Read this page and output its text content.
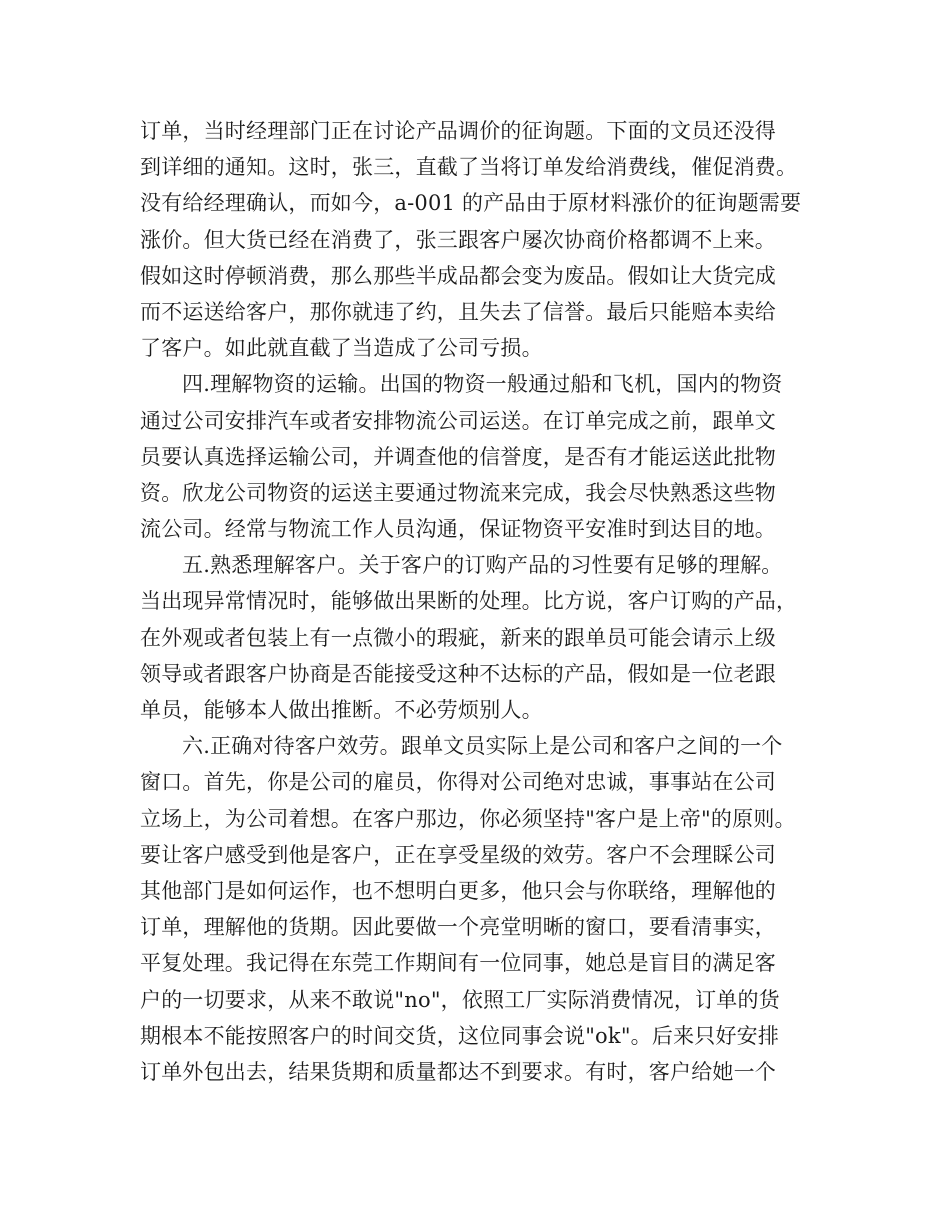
订单，当时经理部门正在讨论产品调价的征询题。下面的文员还没得
到详细的通知。这时，张三，直截了当将订单发给消费线，催促消费。
没有给经理确认，而如今，a-001 的产品由于原材料涨价的征询题需要
涨价。但大货已经在消费了，张三跟客户屡次协商价格都调不上来。
假如这时停顿消费，那么那些半成品都会变为废品。假如让大货完成
而不运送给客户，那你就违了约，且失去了信誉。最后只能赔本卖给
了客户。如此就直截了当造成了公司亏损。
四.理解物资的运输。出国的物资一般通过船和飞机，国内的物资
通过公司安排汽车或者安排物流公司运送。在订单完成之前，跟单文
员要认真选择运输公司，并调查他的信誉度，是否有才能运送此批物
资。欣龙公司物资的运送主要通过物流来完成，我会尽快熟悉这些物
流公司。经常与物流工作人员沟通，保证物资平安准时到达目的地。
五.熟悉理解客户。关于客户的订购产品的习性要有足够的理解。
当出现异常情况时，能够做出果断的处理。比方说，客户订购的产品，
在外观或者包装上有一点微小的瑕疵，新来的跟单员可能会请示上级
领导或者跟客户协商是否能接受这种不达标的产品，假如是一位老跟
单员，能够本人做出推断。不必劳烦别人。
六.正确对待客户效劳。跟单文员实际上是公司和客户之间的一个
窗口。首先，你是公司的雇员，你得对公司绝对忠诚，事事站在公司
立场上，为公司着想。在客户那边，你必须坚持"客户是上帝"的原则。
要让客户感受到他是客户，正在享受星级的效劳。客户不会理睬公司
其他部门是如何运作，也不想明白更多，他只会与你联络，理解他的
订单，理解他的货期。因此要做一个亮堂明晰的窗口，要看清事实，
平复处理。我记得在东莞工作期间有一位同事，她总是盲目的满足客
户的一切要求，从来不敢说"no"，依照工厂实际消费情况，订单的货
期根本不能按照客户的时间交货，这位同事会说"ok"。后来只好安排
订单外包出去，结果货期和质量都达不到要求。有时，客户给她一个
